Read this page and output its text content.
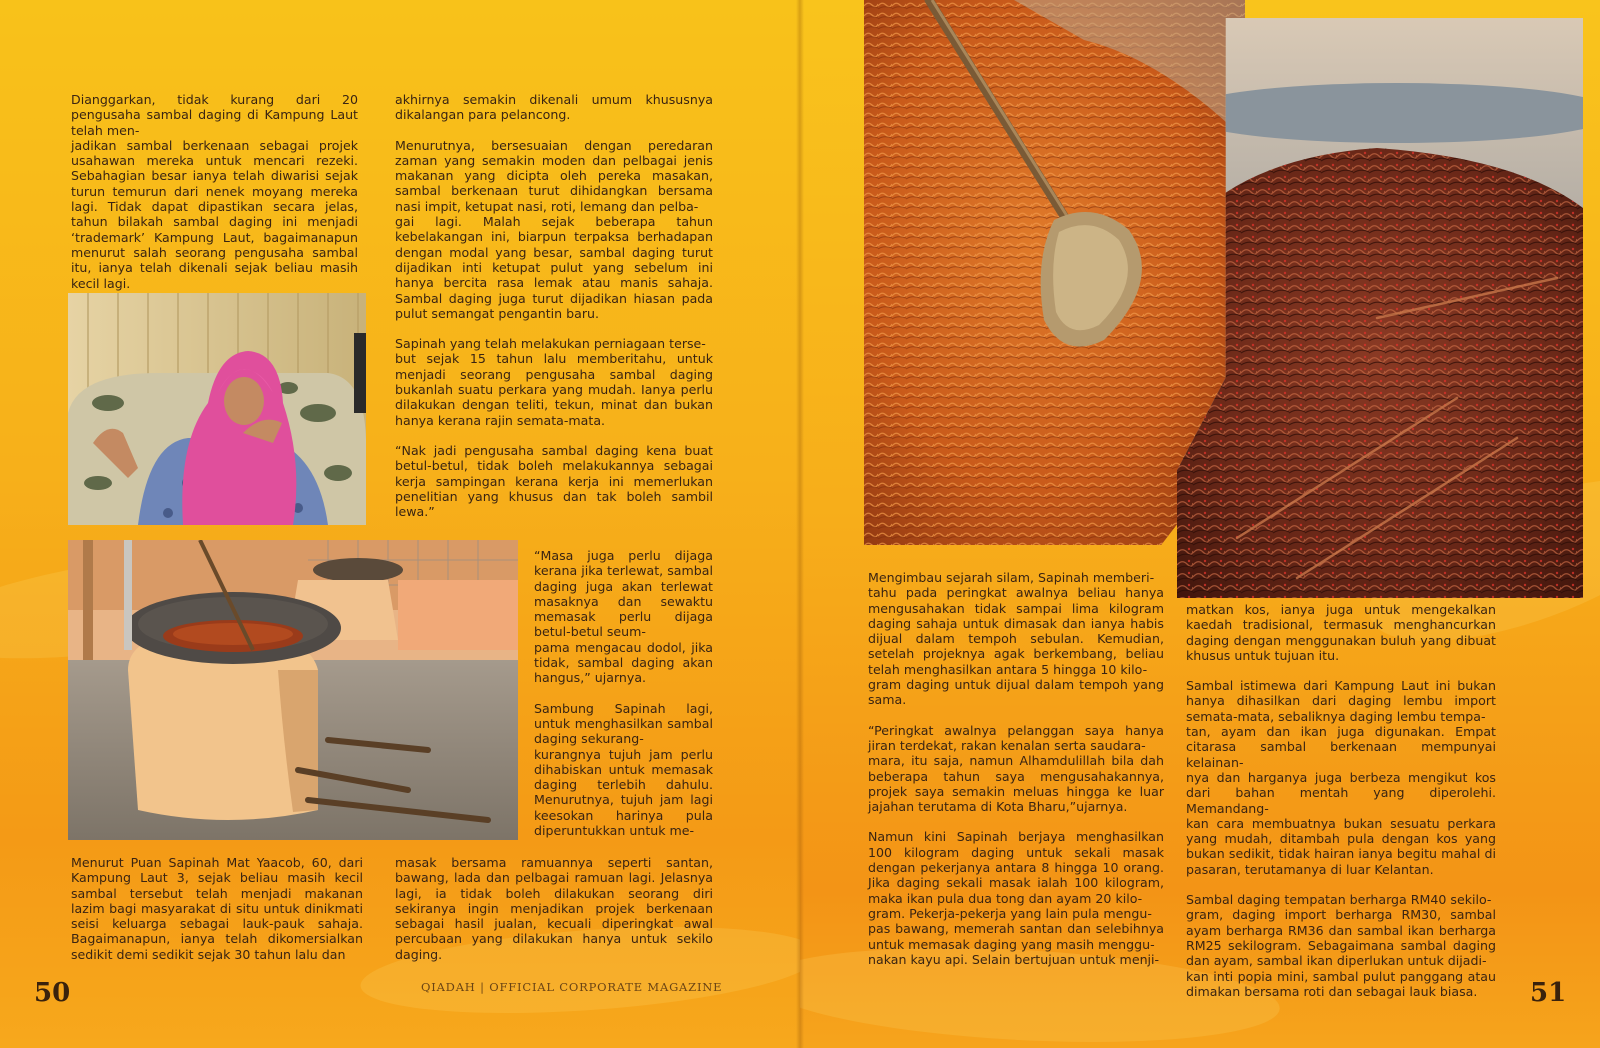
Dianggarkan, tidak kurang dari 20 pengusaha sambal daging di Kampung Laut telah men-
jadikan sambal berkenaan sebagai projek usahawan mereka untuk mencari rezeki. Sebahagian besar ianya telah diwarisi sejak turun temurun dari nenek moyang mereka lagi. Tidak dapat dipastikan secara jelas, tahun bilakah sambal daging ini menjadi ‘trademark’ Kampung Laut, bagaimanapun menurut salah seorang pengusaha sambal itu, ianya telah dikenali sejak beliau masih kecil lagi.

akhirnya semakin dikenali umum khususnya dikalangan para pelancong.

Menurutnya, bersesuaian dengan peredaran zaman yang semakin moden dan pelbagai jenis makanan yang dicipta oleh pereka masakan, sambal berkenaan turut dihidangkan bersama nasi impit, ketupat nasi, roti, lemang dan pelba-
gai lagi. Malah sejak beberapa tahun kebelakangan ini, biarpun terpaksa berhadapan dengan modal yang besar, sambal daging turut dijadikan inti ketupat pulut yang sebelum ini hanya bercita rasa lemak atau manis sahaja. Sambal daging juga turut dijadikan hiasan pada pulut semangat pengantin baru.

Sapinah yang telah melakukan perniagaan terse-
but sejak 15 tahun lalu memberitahu, untuk menjadi seorang pengusaha sambal daging bukanlah suatu perkara yang mudah. Ianya perlu dilakukan dengan teliti, tekun, minat dan bukan hanya kerana rajin semata-mata.

“Nak jadi pengusaha sambal daging kena buat betul-betul, tidak boleh melakukannya sebagai kerja sampingan kerana kerja ini memerlukan penelitian yang khusus dan tak boleh sambil lewa.”

“Masa juga perlu dijaga kerana jika terlewat, sambal daging juga akan terlewat masaknya dan sewaktu memasak perlu dijaga betul-betul seum-
pama mengacau dodol, jika tidak, sambal daging akan hangus,” ujarnya.

Sambung Sapinah lagi, untuk menghasilkan sambal daging sekurang-
kurangnya tujuh jam perlu dihabiskan untuk memasak daging terlebih dahulu. Menurutnya, tujuh jam lagi keesokan harinya pula diperuntukkan untuk me-

Menurut Puan Sapinah Mat Yaacob, 60, dari Kampung Laut 3, sejak beliau masih kecil sambal tersebut telah menjadi makanan lazim bagi masyarakat di situ untuk dinikmati seisi keluarga sebagai lauk-pauk sahaja. Bagaimanapun, ianya telah dikomersialkan sedikit demi sedikit sejak 30 tahun lalu dan

masak bersama ramuannya seperti santan, bawang, lada dan pelbagai ramuan lagi. Jelasnya lagi, ia tidak boleh dilakukan seorang diri sekiranya ingin menjadikan projek berkenaan sebagai hasil jualan, kecuali diperingkat awal percubaan yang dilakukan hanya untuk sekilo daging.

50	QIADAH | OFFICIAL CORPORATE MAGAZINE

Mengimbau sejarah silam, Sapinah memberi-
tahu pada peringkat awalnya beliau hanya mengusahakan tidak sampai lima kilogram daging sahaja untuk dimasak dan ianya habis dijual dalam tempoh sebulan. Kemudian, setelah projeknya agak berkembang, beliau telah menghasilkan antara 5 hingga 10 kilo-
gram daging untuk dijual dalam tempoh yang sama.

“Peringkat awalnya pelanggan saya hanya jiran terdekat, rakan kenalan serta saudara-
mara, itu saja, namun Alhamdulillah bila dah beberapa tahun saya mengusahakannya, projek saya semakin meluas hingga ke luar jajahan terutama di Kota Bharu,”ujarnya.

Namun kini Sapinah berjaya menghasilkan 100 kilogram daging untuk sekali masak dengan pekerjanya antara 8 hingga 10 orang. Jika daging sekali masak ialah 100 kilogram, maka ikan pula dua tong dan ayam 20 kilo-
gram. Pekerja-pekerja yang lain pula mengu-
pas bawang, memerah santan dan selebihnya untuk memasak daging yang masih menggu-
nakan kayu api. Selain bertujuan untuk menji-

matkan kos, ianya juga untuk mengekalkan kaedah tradisional, termasuk menghancurkan daging dengan menggunakan buluh yang dibuat khusus untuk tujuan itu.

Sambal istimewa dari Kampung Laut ini bukan hanya dihasilkan dari daging lembu import semata-mata, sebaliknya daging lembu tempa-
tan, ayam dan ikan juga digunakan. Empat citarasa sambal berkenaan mempunyai kelainan-
nya dan harganya juga berbeza mengikut kos dari bahan mentah yang diperolehi. Memandang-
kan cara membuatnya bukan sesuatu perkara yang mudah, ditambah pula dengan kos yang bukan sedikit, tidak hairan ianya begitu mahal di pasaran, terutamanya di luar Kelantan.

Sambal daging tempatan berharga RM40 sekilo-
gram, daging import berharga RM30, sambal ayam berharga RM36 dan sambal ikan berharga RM25 sekilogram. Sebagaimana sambal daging dan ayam, sambal ikan diperlukan untuk dijadi-
kan inti popia mini, sambal pulut panggang atau dimakan bersama roti dan sebagai lauk biasa.	51
